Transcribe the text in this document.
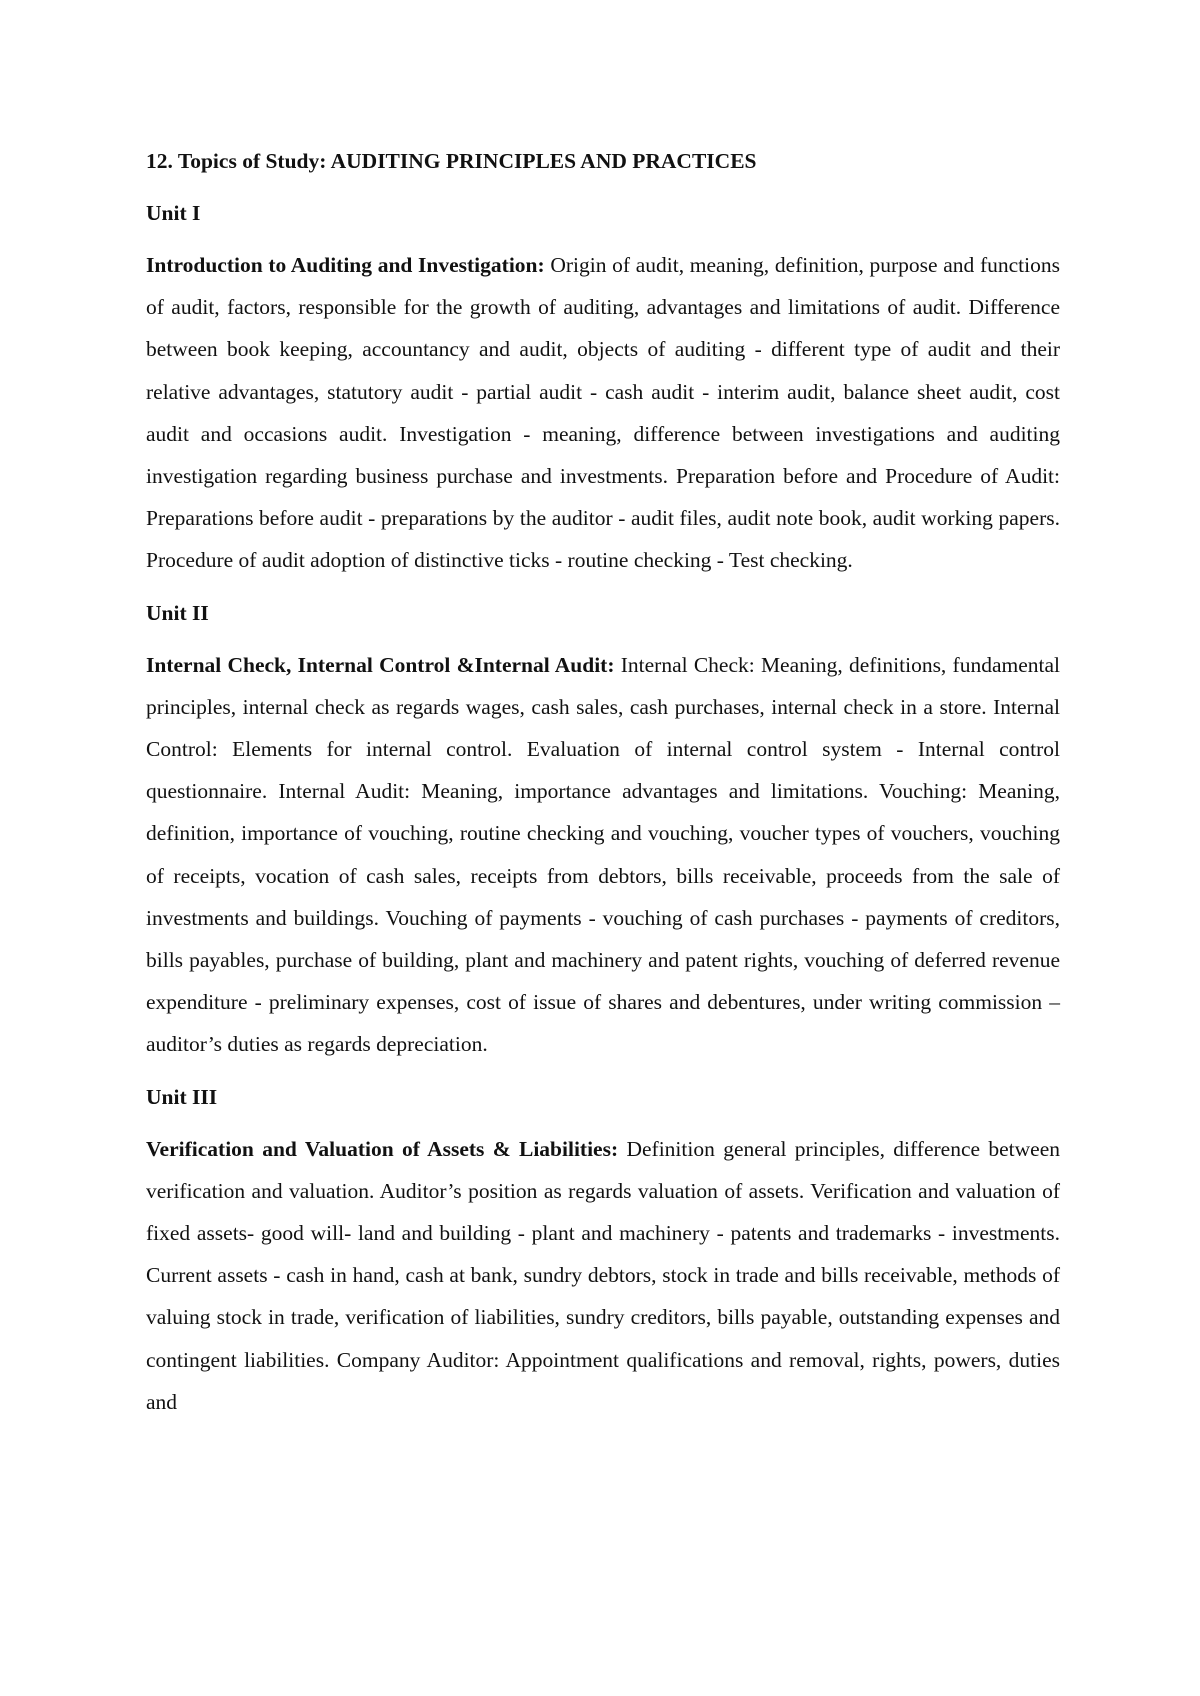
12. Topics of Study: AUDITING PRINCIPLES AND PRACTICES
Unit I
Introduction to Auditing and Investigation: Origin of audit, meaning, definition, purpose and functions of audit, factors, responsible for the growth of auditing, advantages and limitations of audit. Difference between book keeping, accountancy and audit, objects of auditing - different type of audit and their relative advantages, statutory audit - partial audit - cash audit - interim audit, balance sheet audit, cost audit and occasions audit. Investigation - meaning, difference between investigations and auditing investigation regarding business purchase and investments. Preparation before and Procedure of Audit: Preparations before audit - preparations by the auditor - audit files, audit note book, audit working papers. Procedure of audit adoption of distinctive ticks - routine checking - Test checking.
Unit II
Internal Check, Internal Control &Internal Audit: Internal Check: Meaning, definitions, fundamental principles, internal check as regards wages, cash sales, cash purchases, internal check in a store. Internal Control: Elements for internal control. Evaluation of internal control system - Internal control questionnaire. Internal Audit: Meaning, importance advantages and limitations. Vouching: Meaning, definition, importance of vouching, routine checking and vouching, voucher types of vouchers, vouching of receipts, vocation of cash sales, receipts from debtors, bills receivable, proceeds from the sale of investments and buildings. Vouching of payments - vouching of cash purchases - payments of creditors, bills payables, purchase of building, plant and machinery and patent rights, vouching of deferred revenue expenditure - preliminary expenses, cost of issue of shares and debentures, under writing commission – auditor’s duties as regards depreciation.
Unit III
Verification and Valuation of Assets & Liabilities: Definition general principles, difference between verification and valuation. Auditor’s position as regards valuation of assets. Verification and valuation of fixed assets- good will- land and building - plant and machinery - patents and trademarks - investments. Current assets - cash in hand, cash at bank, sundry debtors, stock in trade and bills receivable, methods of valuing stock in trade, verification of liabilities, sundry creditors, bills payable, outstanding expenses and contingent liabilities. Company Auditor: Appointment qualifications and removal, rights, powers, duties and
